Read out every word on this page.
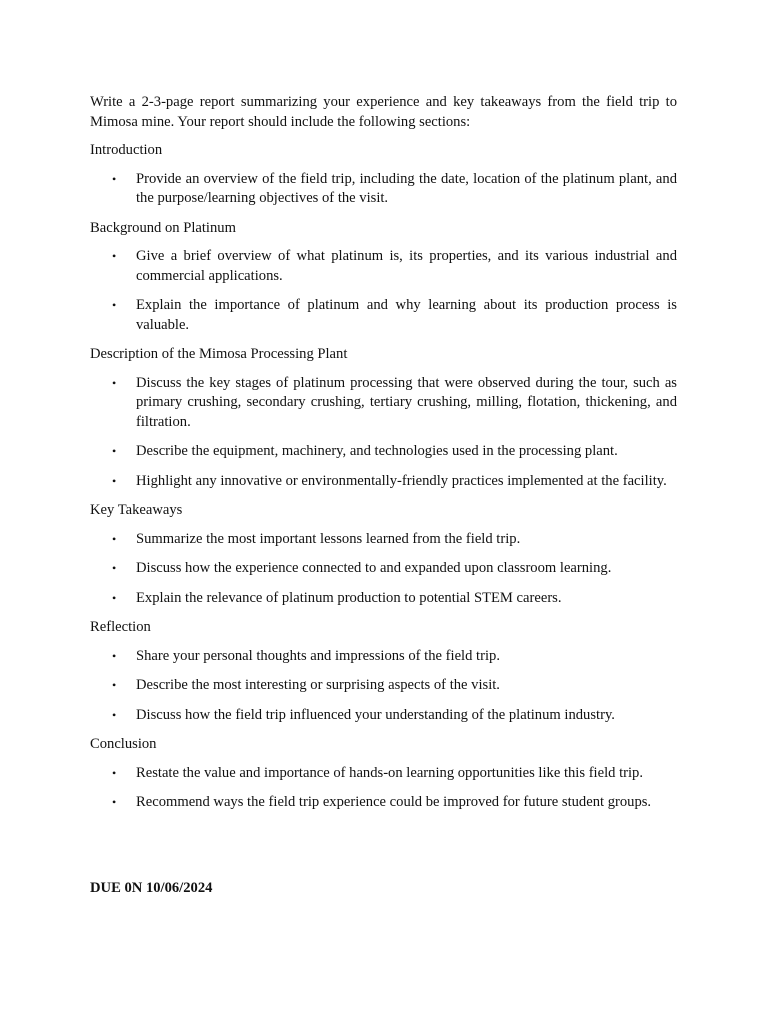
Write a 2-3-page report summarizing your experience and key takeaways from the field trip to Mimosa mine. Your report should include the following sections:

Introduction
• Provide an overview of the field trip, including the date, location of the platinum plant, and the purpose/learning objectives of the visit.
Background on Platinum
• Give a brief overview of what platinum is, its properties, and its various industrial and commercial applications.
• Explain the importance of platinum and why learning about its production process is valuable.
Description of the Mimosa Processing Plant
• Discuss the key stages of platinum processing that were observed during the tour, such as primary crushing, secondary crushing, tertiary crushing, milling, flotation, thickening, and filtration.
• Describe the equipment, machinery, and technologies used in the processing plant.
• Highlight any innovative or environmentally-friendly practices implemented at the facility.
Key Takeaways
• Summarize the most important lessons learned from the field trip.
• Discuss how the experience connected to and expanded upon classroom learning.
• Explain the relevance of platinum production to potential STEM careers.
Reflection
• Share your personal thoughts and impressions of the field trip.
• Describe the most interesting or surprising aspects of the visit.
• Discuss how the field trip influenced your understanding of the platinum industry.
Conclusion
• Restate the value and importance of hands-on learning opportunities like this field trip.
• Recommend ways the field trip experience could be improved for future student groups.
DUE 0N 10/06/2024
